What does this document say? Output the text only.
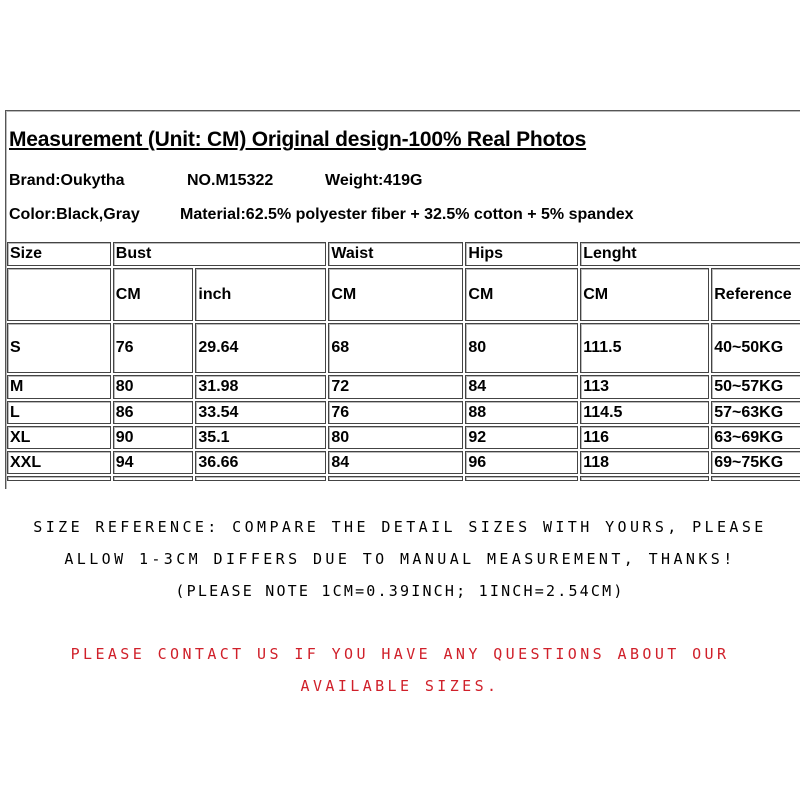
Measurement (Unit: CM) Original design-100% Real Photos
Brand:Oukytha	NO.M15322	Weight:419G
Color:Black,Gray	Material:62.5% polyester fiber + 32.5% cotton + 5% spandex
Size	Bust		Waist	Hips	Lenght	
	CM	inch	CM	CM	CM	Reference
S	76	29.64	68	80	111.5	40~50KG
M	80	31.98	72	84	113	50~57KG
L	86	33.54	76	88	114.5	57~63KG
XL	90	35.1	80	92	116	63~69KG
XXL	94	36.66	84	96	118	69~75KG

SIZE REFERENCE: COMPARE THE DETAIL SIZES WITH YOURS, PLEASE
ALLOW 1-3CM DIFFERS DUE TO MANUAL MEASUREMENT, THANKS!
(PLEASE NOTE 1CM=0.39INCH; 1INCH=2.54CM)
PLEASE CONTACT US IF YOU HAVE ANY QUESTIONS ABOUT OUR
AVAILABLE SIZES.
